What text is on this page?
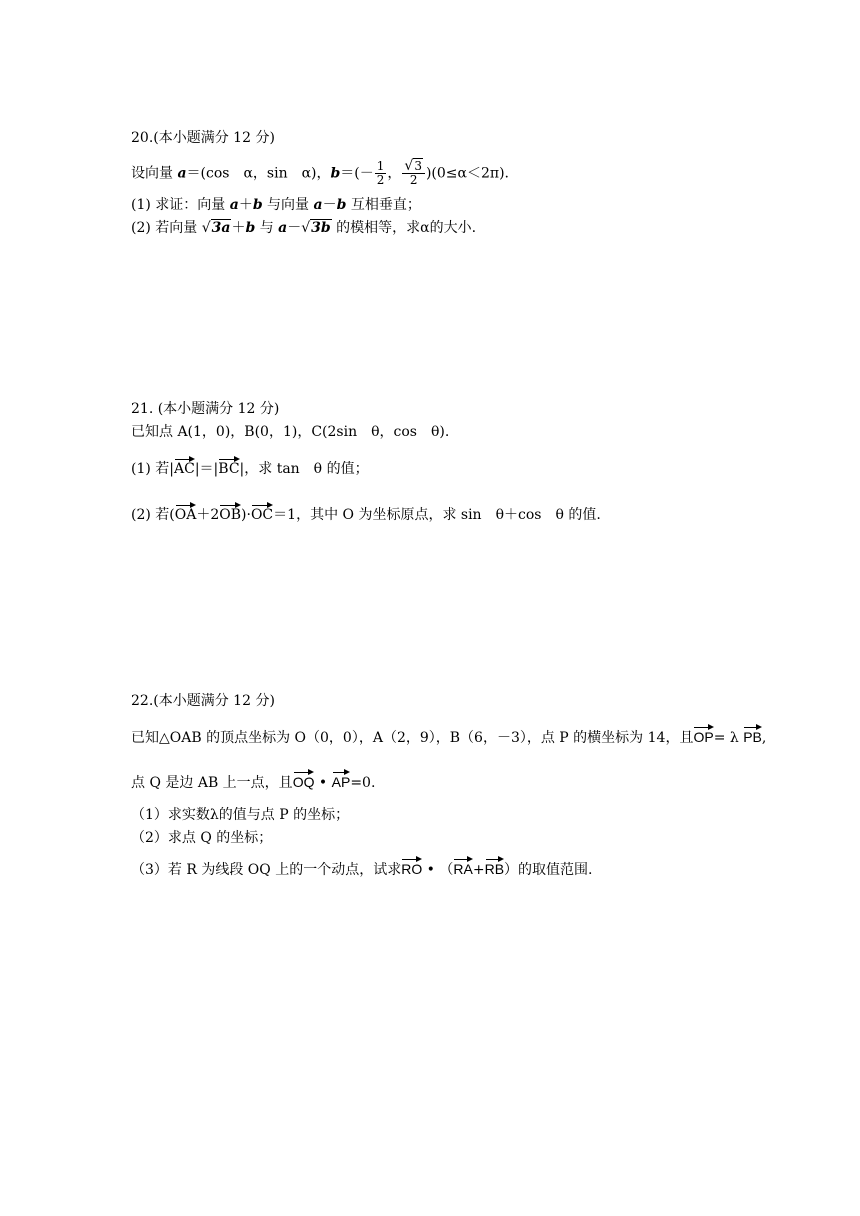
20.(本小题满分 12 分)
设向量 a＝(cos　α，sin　α)，$b=(- \frac{1}{2}$ ， $\frac{√3}{2} )(0\le\alpha<2\pi)$.
(1) 求证：向量 a＋b 与向量 a－b 互相垂直；
(2) 若向量 √3a＋b 与 a－√3b 的模相等，求α的大小.
21. (本小题满分 12 分)
已知点 A(1，0)，B(0，1)，C(2sin　θ，cos　θ).
(1) 若|AC|＝|BC|，求 tan　θ 的值；
(2) 若(OA＋2OB)·OC＝1，其中 O 为坐标原点，求 sin　θ＋cos　θ 的值.
22.(本小题满分 12 分)
已知△OAB 的顶点坐标为 O（0，0），A（2，9），B（6，－3），点 P 的横坐标为 14，且OP= λ PB,
点 Q 是边 AB 上一点，且OQ • AP=0.
（1）求实数λ的值与点 P 的坐标；
（2）求点 Q 的坐标；
（3）若 R 为线段 OQ 上的一个动点，试求RO • （RA+RB）的取值范围.
